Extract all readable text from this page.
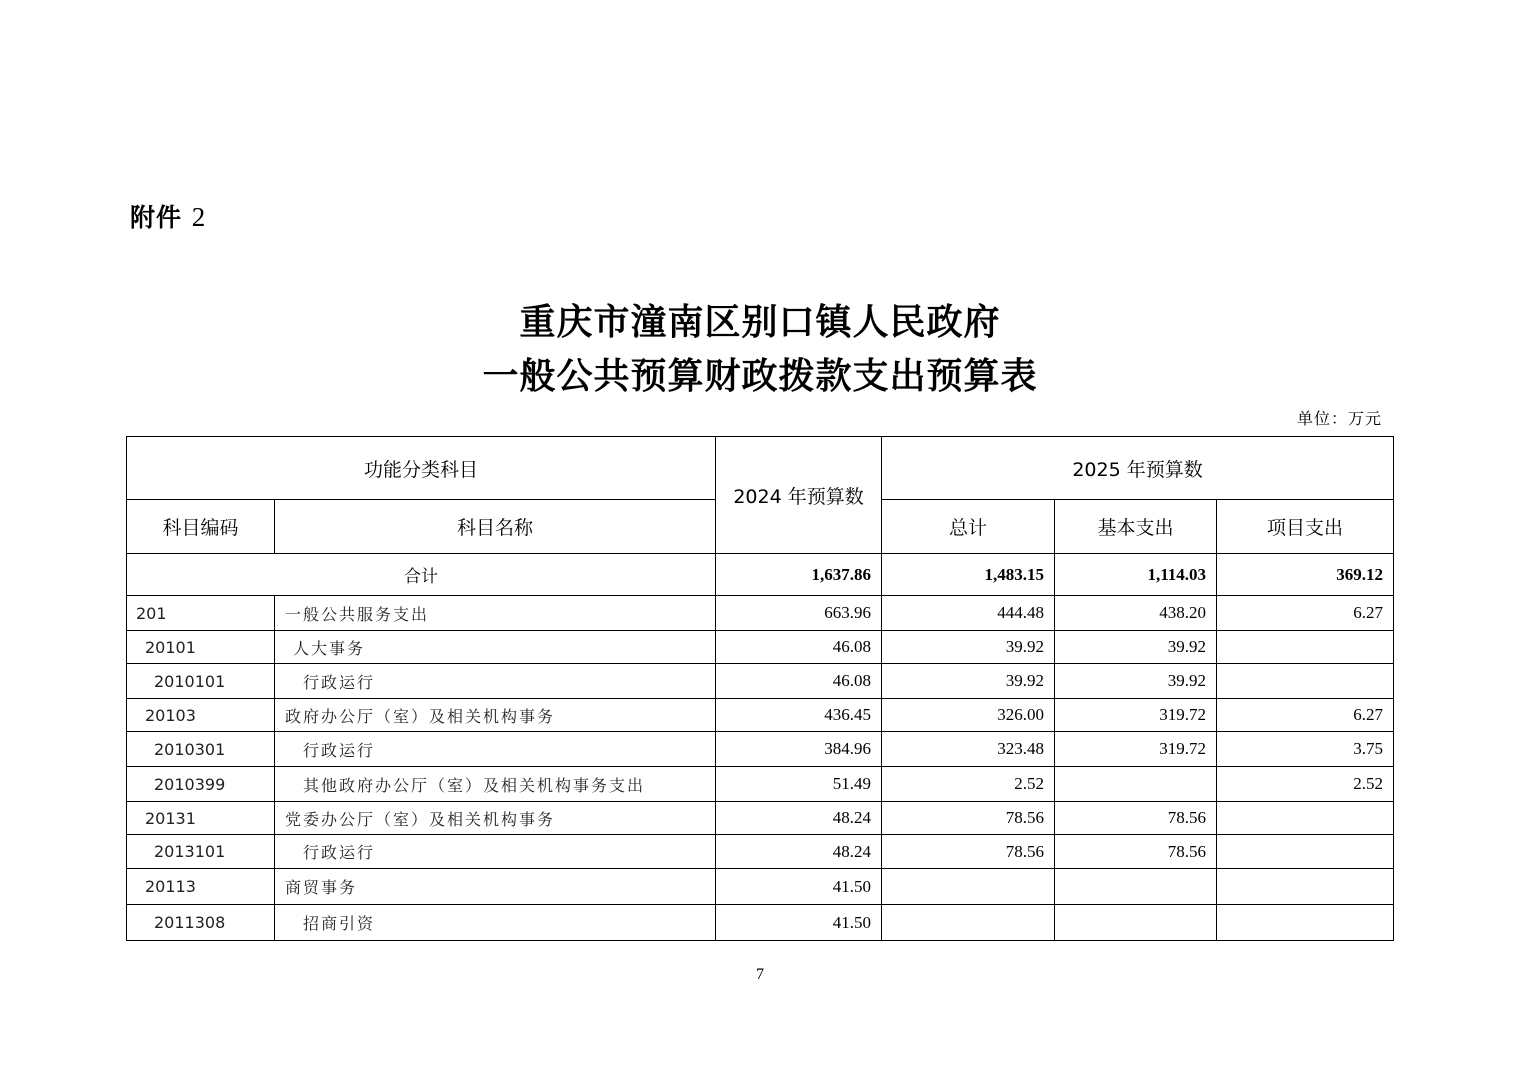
附件 2
重庆市潼南区别口镇人民政府
一般公共预算财政拨款支出预算表
单位：万元
功能分类科目		2024 年预算数	2025 年预算数		
科目编码	科目名称		总计	基本支出	项目支出
合计		1,637.86	1,483.15	1,114.03	369.12
201	一般公共服务支出	663.96	444.48	438.20	6.27
20101	人大事务	46.08	39.92	39.92	
2010101	行政运行	46.08	39.92	39.92	
20103	政府办公厅（室）及相关机构事务	436.45	326.00	319.72	6.27
2010301	行政运行	384.96	323.48	319.72	3.75
2010399	其他政府办公厅（室）及相关机构事务支出	51.49	2.52		2.52
20131	党委办公厅（室）及相关机构事务	48.24	78.56	78.56	
2013101	行政运行	48.24	78.56	78.56	
20113	商贸事务	41.50			
2011308	招商引资	41.50			
7
